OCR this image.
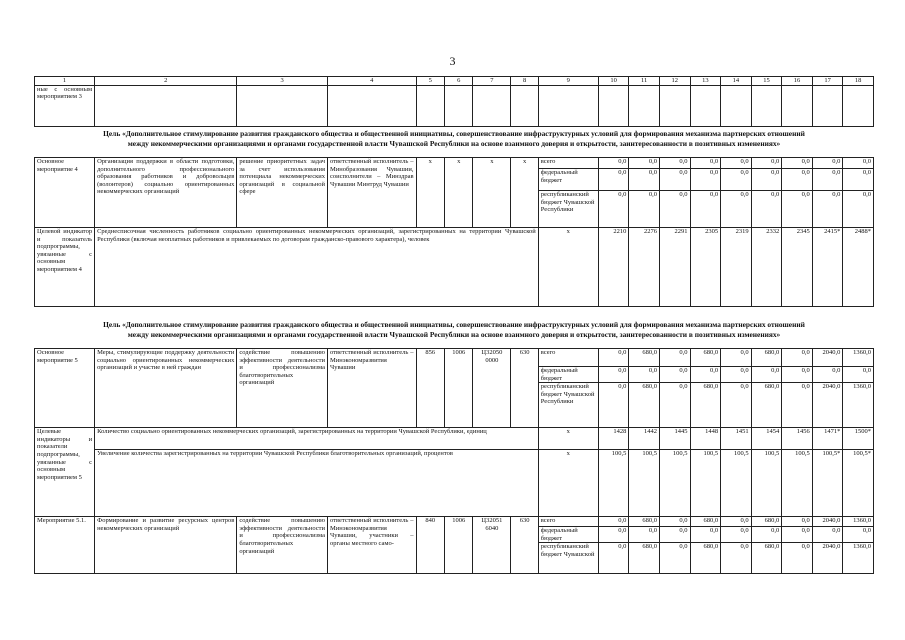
3
1	2	3	4	5	6	7	8	9	10	11	12	13	14	15	16	17	18
ные с основным мероприятием 3																	
Цель «Дополнительное стимулирование развития гражданского общества и общественной инициативы, совершенствование инфраструктурных условий для формирования механизма партнерских отношений
между некоммерческими организациями и органами государственной власти Чувашской Республики на основе взаимного доверия и открытости, заинтересованности в позитивных изменениях»
Основное мероприятие 4	Организация поддержки в области подготовки, дополнительного профессионального образования работников и добровольцев (волонтеров) социально ориентированных некоммерческих организаций	решение приоритетных задач за счет использования потенциала некоммерческих организаций в социальной сфере	ответственный исполнитель – Минобразования Чувашии, соисполнители – Минздрав Чувашии Минтруд Чувашии	x	x	x	x	всего	0,0	0,0	0,0	0,0	0,0	0,0	0,0	0,0	0,0
								федеральный бюджет	0,0	0,0	0,0	0,0	0,0	0,0	0,0	0,0	0,0
								республиканский бюджет Чувашской Республики	0,0	0,0	0,0	0,0	0,0	0,0	0,0	0,0	0,0
Целевой индикатор и показатель подпрограммы, увязанные с основным мероприятием 4	Среднесписочная численность работников социально ориентированных некоммерческих организаций, зарегистрированных на территории Чувашской Республики (включая неоплатных работников и привлекаемых по договорам гражданско-правового характера), человек							x	2210	2276	2291	2305	2319	2332	2345	2415*	2488*
Цель «Дополнительное стимулирование развития гражданского общества и общественной инициативы, совершенствование инфраструктурных условий для формирования механизма партнерских отношений
между некоммерческими организациями и органами государственной власти Чувашской Республики на основе взаимного доверия и открытости, заинтересованности в позитивных изменениях»
Основное мероприятие 5	Меры, стимулирующие поддержку деятельности социально ориентированных некоммерческих организаций и участие в ней граждан	содействие повышению эффективности деятельности и профессионализма благотворительных организаций	ответственный исполнитель – Минэкономразвития Чувашии	856	1006	Ц32050 0000	630	всего	0,0	680,0	0,0	680,0	0,0	680,0	0,0	2040,0	1360,0
								федеральный бюджет	0,0	0,0	0,0	0,0	0,0	0,0	0,0	0,0	0,0
								республиканский бюджет Чувашской Республики	0,0	680,0	0,0	680,0	0,0	680,0	0,0	2040,0	1360,0
Целевые индикаторы и показатели подпрограммы, увязанные с основным мероприятием 5	Количество социально ориентированных некоммерческих организаций, зарегистрированных на территории Чувашской Республики, единиц							x	1428	1442	1445	1448	1451	1454	1456	1471*	1500*
	Увеличение количества зарегистрированных на территории Чувашской Республики благотворительных организаций, процентов							x	100,5	100,5	100,5	100,5	100,5	100,5	100,5	100,5*	100,5*
Мероприятие 5.1.	Формирование и развитие ресурсных центров некоммерческих организаций	содействие повышению эффективности деятельности и профессионализма благотворительных организаций	ответственный исполнитель – Минэкономразвития Чувашии, участники – органы местного само-	840	1006	Ц32051 6040	630	всего	0,0	680,0	0,0	680,0	0,0	680,0	0,0	2040,0	1360,0
								федеральный бюджет	0,0	0,0	0,0	0,0	0,0	0,0	0,0	0,0	0,0
								республиканский бюджет Чувашской	0,0	680,0	0,0	680,0	0,0	680,0	0,0	2040,0	1360,0
